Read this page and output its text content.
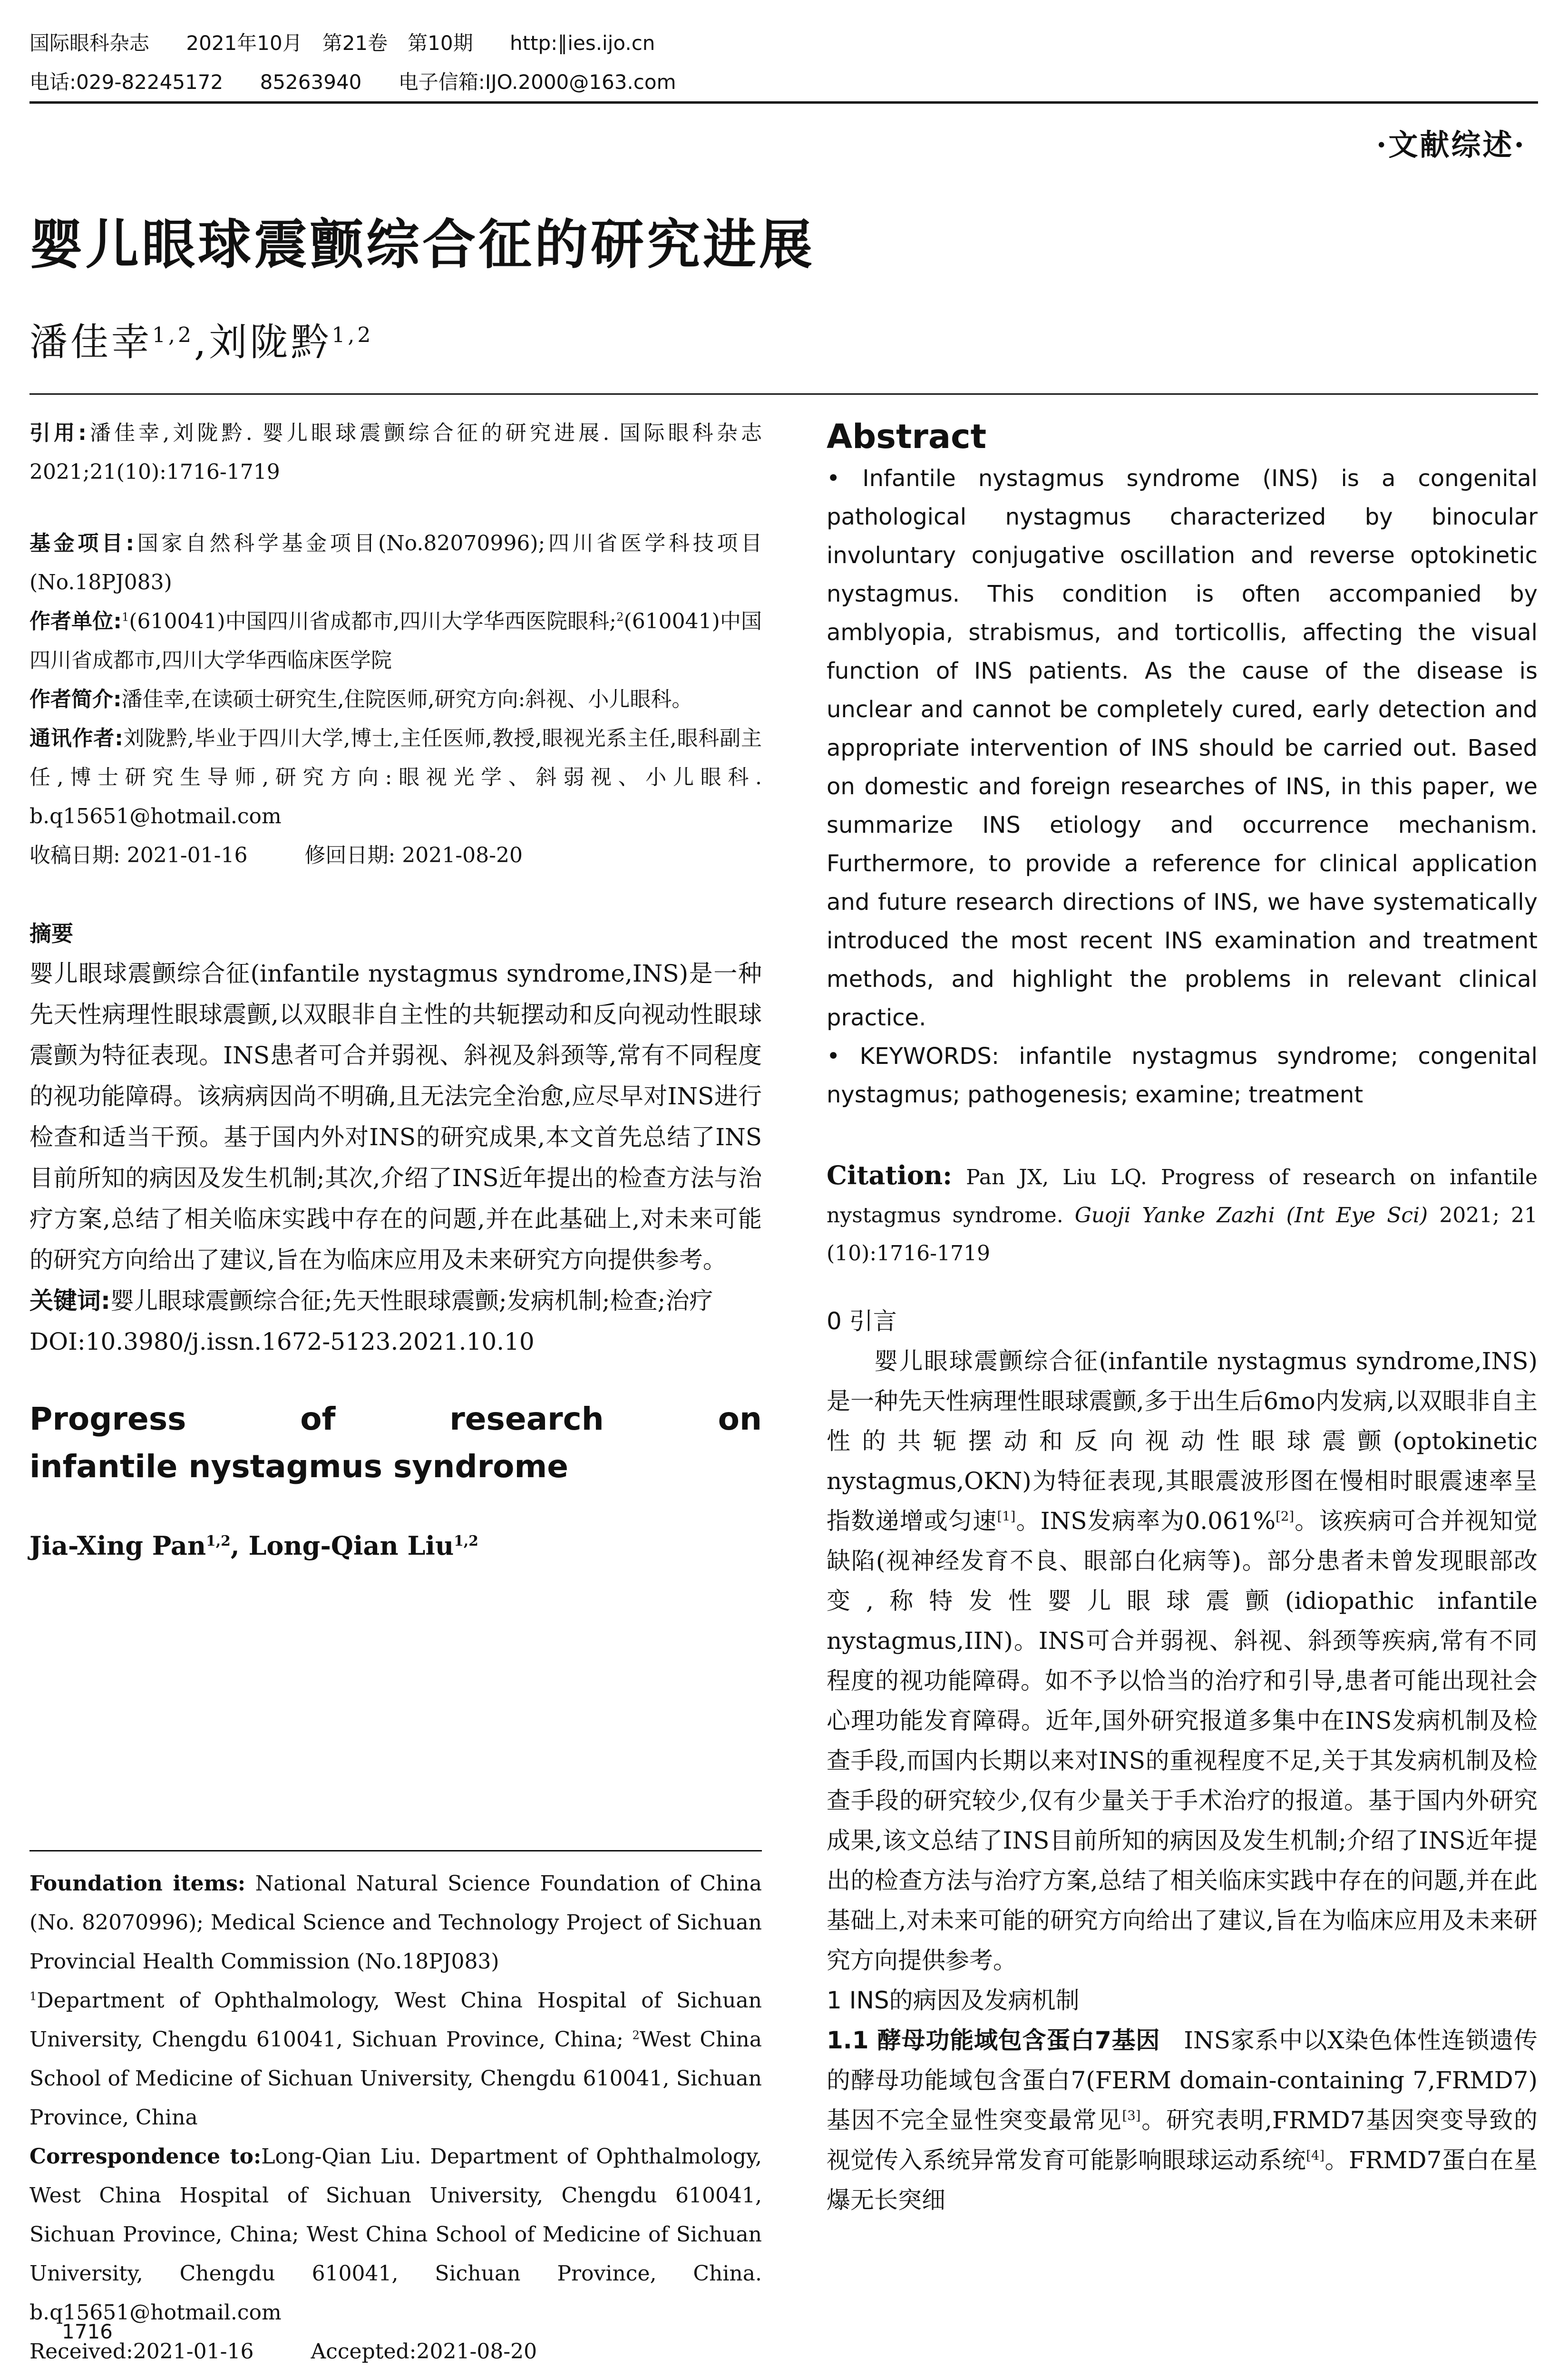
国际眼科杂志 2021年10月　第21卷　第10期 http:∥ies.ijo.cn
电话:029-82245172 85263940 电子信箱:IJO.2000@163.com
·文献综述·
婴儿眼球震颤综合征的研究进展
潘佳幸$^{1,2}$,刘陇黔$^{1,2}$

引用:潘佳幸,刘陇黔. 婴儿眼球震颤综合征的研究进展. 国际眼科杂志 2021;21(10):1716-1719

基金项目:国家自然科学基金项目(No.82070996);四川省医学科技项目(No.18PJ083)

作者单位:$^1$(610041)中国四川省成都市,四川大学华西医院眼科;$^2$(610041)中国四川省成都市,四川大学华西临床医学院

作者简介:潘佳幸,在读硕士研究生,住院医师,研究方向:斜视、小儿眼科。

通讯作者:刘陇黔,毕业于四川大学,博士,主任医师,教授,眼视光系主任,眼科副主任,博士研究生导师,研究方向:眼视光学、斜弱视、小儿眼科. b.q15651@hotmail.com

收稿日期: 2021-01-16	修回日期: 2021-08-20

摘要

婴儿眼球震颤综合征(infantile nystagmus syndrome,INS)是一种先天性病理性眼球震颤,以双眼非自主性的共轭摆动和反向视动性眼球震颤为特征表现。INS患者可合并弱视、斜视及斜颈等,常有不同程度的视功能障碍。该病病因尚不明确,且无法完全治愈,应尽早对INS进行检查和适当干预。基于国内外对INS的研究成果,本文首先总结了INS目前所知的病因及发生机制;其次,介绍了INS近年提出的检查方法与治疗方案,总结了相关临床实践中存在的问题,并在此基础上,对未来可能的研究方向给出了建议,旨在为临床应用及未来研究方向提供参考。

关键词:婴儿眼球震颤综合征;先天性眼球震颤;发病机制;检查;治疗

DOI:10.3980/j.issn.1672-5123.2021.10.10

Progress of research on

infantile nystagmus syndrome

Jia-Xing Pan$^{1,2}$, Long-Qian Liu$^{1,2}$

Foundation items: National Natural Science Foundation of China (No. 82070996); Medical Science and Technology Project of Sichuan Provincial Health Commission (No.18PJ083)

$^1$Department of Ophthalmology, West China Hospital of Sichuan University, Chengdu 610041, Sichuan Province, China; $^2$West China School of Medicine of Sichuan University, Chengdu 610041, Sichuan Province, China

Correspondence to:Long-Qian Liu. Department of Ophthalmology, West China Hospital of Sichuan University, Chengdu 610041, Sichuan Province, China; West China School of Medicine of Sichuan University, Chengdu 610041, Sichuan Province, China. b.q15651@hotmail.com

Received:2021-01-16	Accepted:2021-08-20

1716

Abstract

• Infantile nystagmus syndrome (INS) is a congenital pathological nystagmus characterized by binocular involuntary conjugative oscillation and reverse optokinetic nystagmus. This condition is often accompanied by amblyopia, strabismus, and torticollis, affecting the visual function of INS patients. As the cause of the disease is unclear and cannot be completely cured, early detection and appropriate intervention of INS should be carried out. Based on domestic and foreign researches of INS, in this paper, we summarize INS etiology and occurrence mechanism. Furthermore, to provide a reference for clinical application and future research directions of INS, we have systematically introduced the most recent INS examination and treatment methods, and highlight the problems in relevant clinical practice.

• KEYWORDS: infantile nystagmus syndrome; congenital nystagmus; pathogenesis; examine; treatment

Citation: Pan JX, Liu LQ. Progress of research on infantile nystagmus syndrome. Guoji Yanke Zazhi (Int Eye Sci) 2021; 21 (10):1716-1719

0 引言

婴儿眼球震颤综合征(infantile nystagmus syndrome,INS)是一种先天性病理性眼球震颤,多于出生后6mo内发病,以双眼非自主性的共轭摆动和反向视动性眼球震颤(optokinetic nystagmus,OKN)为特征表现,其眼震波形图在慢相时眼震速率呈指数递增或匀速[1]。INS发病率为0.061%[2]。该疾病可合并视知觉缺陷(视神经发育不良、眼部白化病等)。部分患者未曾发现眼部改变,称特发性婴儿眼球震颤(idiopathic infantile nystagmus,IIN)。INS可合并弱视、斜视、斜颈等疾病,常有不同程度的视功能障碍。如不予以恰当的治疗和引导,患者可能出现社会心理功能发育障碍。近年,国外研究报道多集中在INS发病机制及检查手段,而国内长期以来对INS的重视程度不足,关于其发病机制及检查手段的研究较少,仅有少量关于手术治疗的报道。基于国内外研究成果,该文总结了INS目前所知的病因及发生机制;介绍了INS近年提出的检查方法与治疗方案,总结了相关临床实践中存在的问题,并在此基础上,对未来可能的研究方向给出了建议,旨在为临床应用及未来研究方向提供参考。

1 INS的病因及发病机制

1.1 酵母功能域包含蛋白7基因 INS家系中以X染色体性连锁遗传的酵母功能域包含蛋白7(FERM domain-containing 7,FRMD7)基因不完全显性突变最常见[3]。研究表明,FRMD7基因突变导致的视觉传入系统异常发育可能影响眼球运动系统[4]。FRMD7蛋白在星爆无长突细
